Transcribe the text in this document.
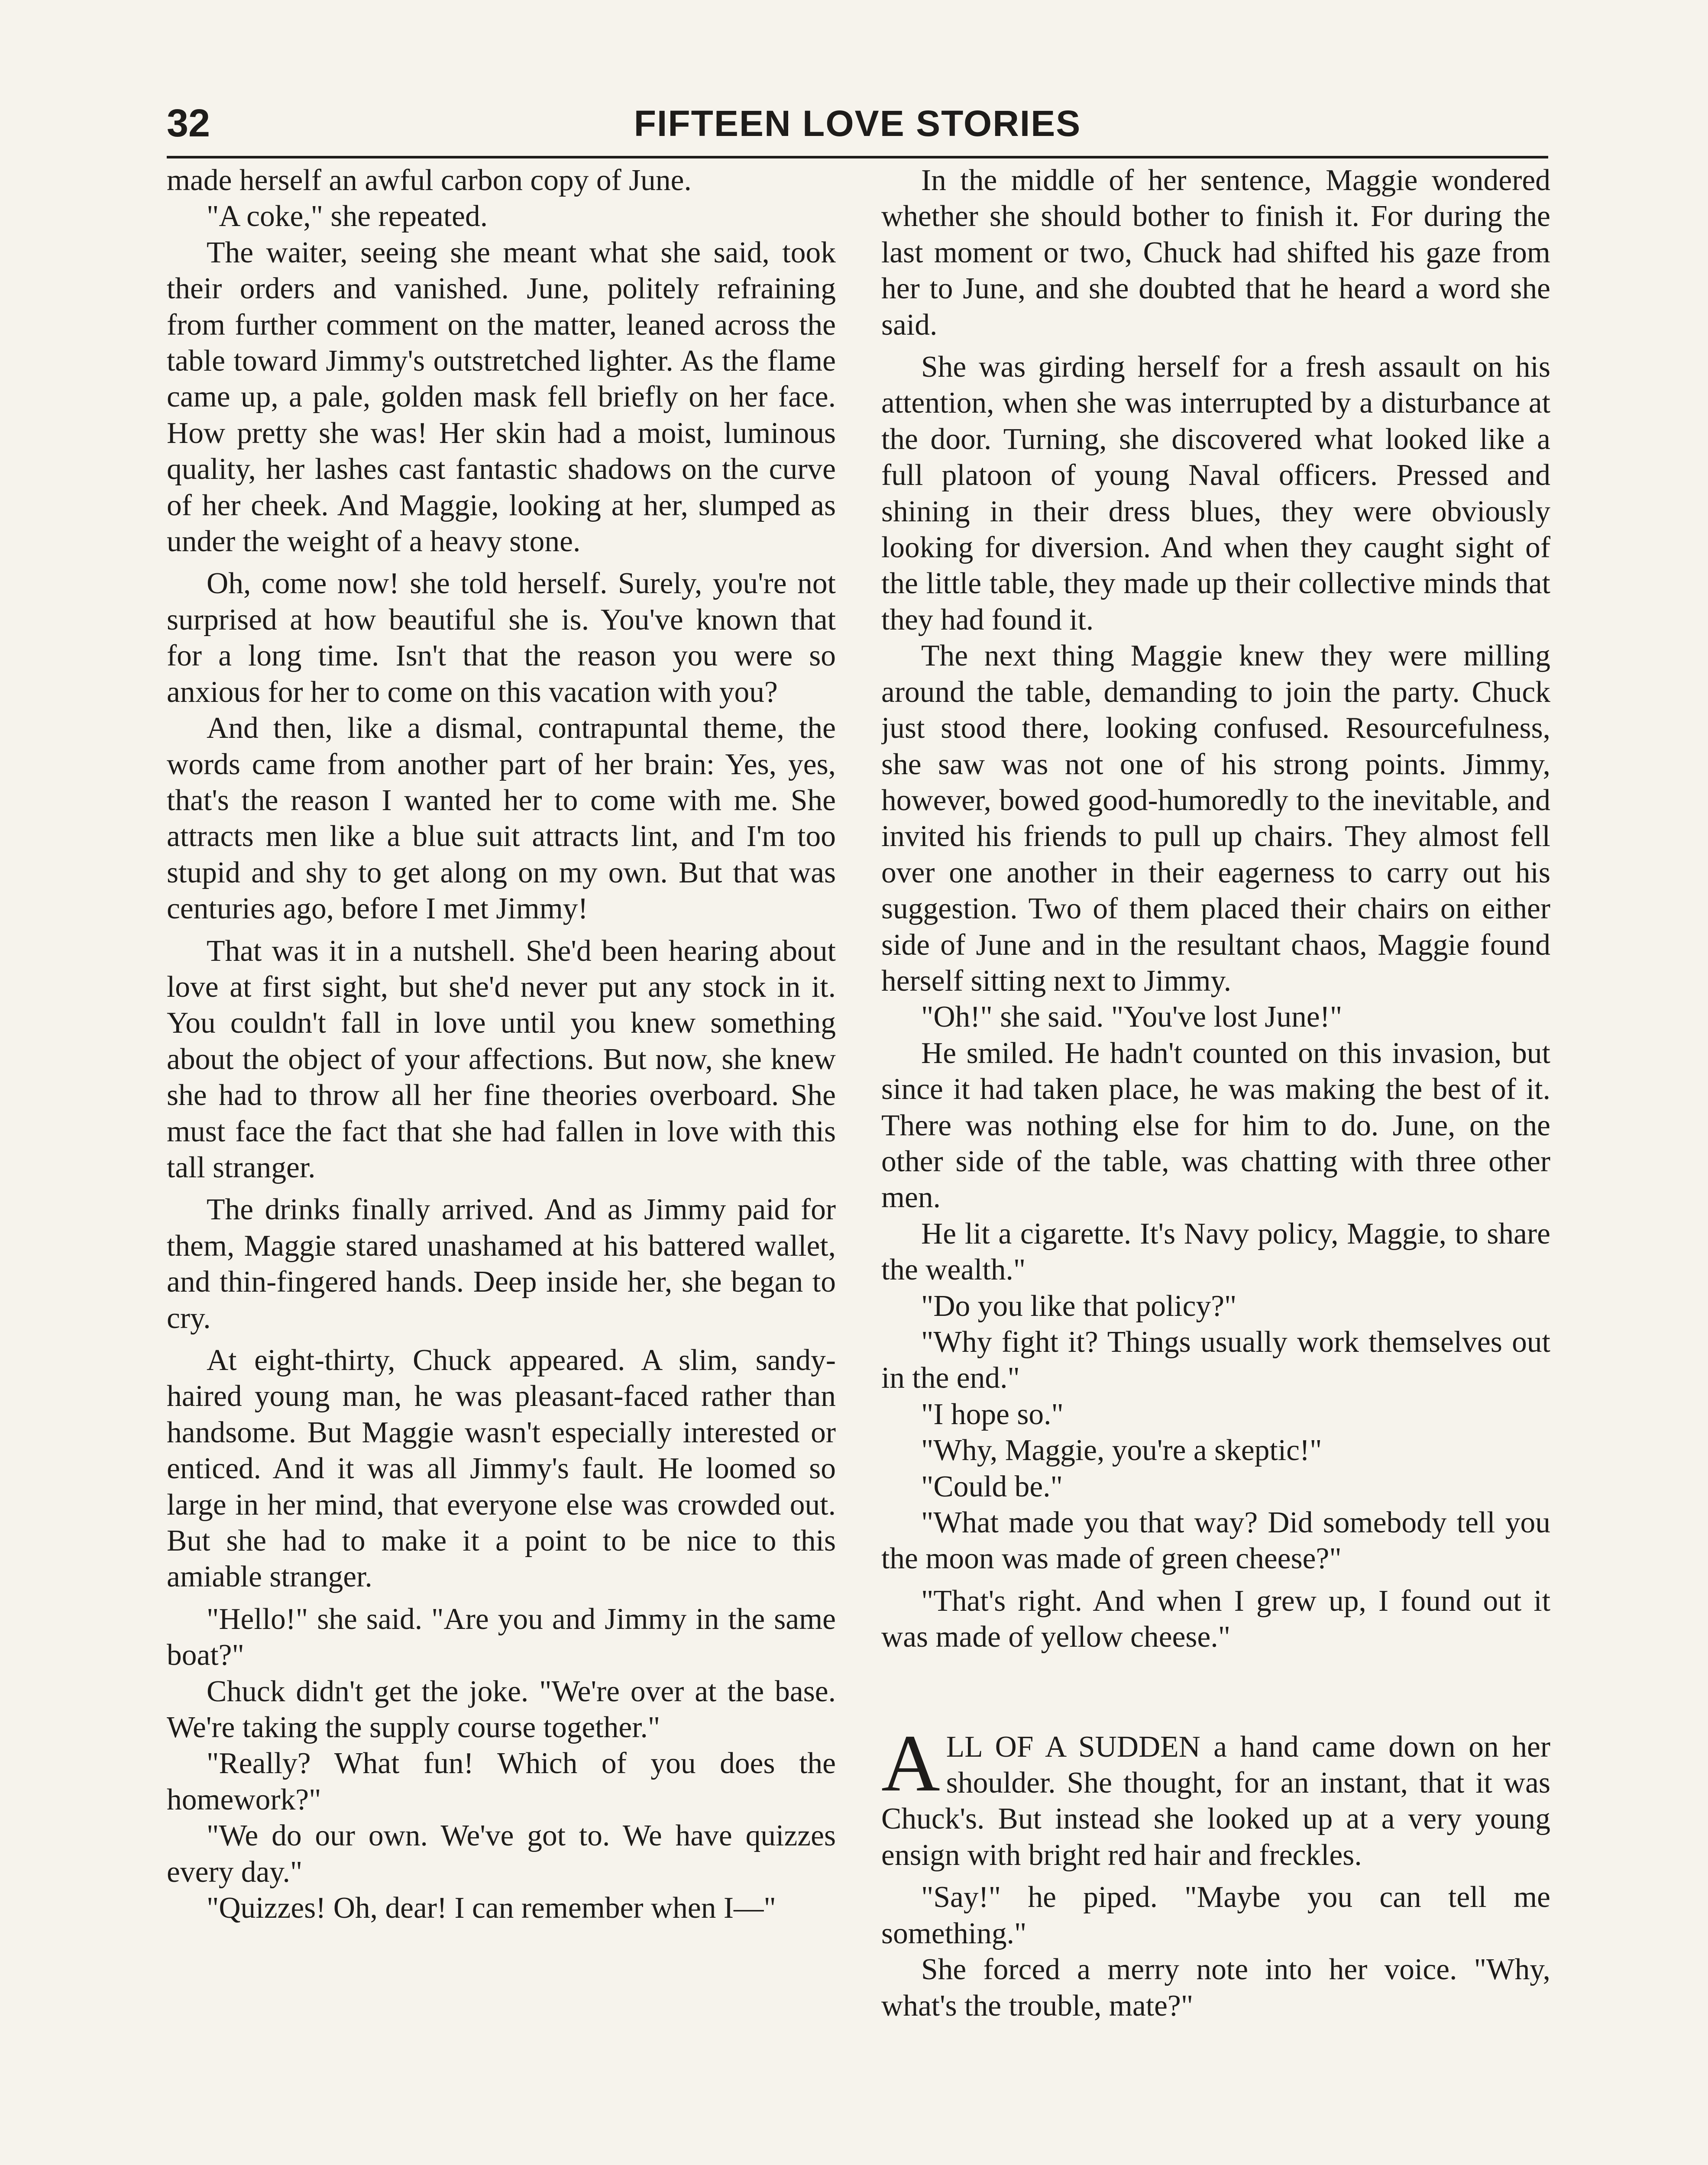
32	FIFTEEN LOVE STORIES

made herself an awful carbon copy of June.

"A coke," she repeated.

The waiter, seeing she meant what she said, took their orders and vanished. June, politely refraining from further comment on the matter, leaned across the table toward Jimmy's outstretched lighter. As the flame came up, a pale, golden mask fell briefly on her face. How pretty she was! Her skin had a moist, luminous quality, her lashes cast fantastic shadows on the curve of her cheek. And Maggie, looking at her, slumped as under the weight of a heavy stone.

Oh, come now! she told herself. Surely, you're not surprised at how beautiful she is. You've known that for a long time. Isn't that the reason you were so anxious for her to come on this vacation with you?

And then, like a dismal, contrapuntal theme, the words came from another part of her brain: Yes, yes, that's the reason I wanted her to come with me. She attracts men like a blue suit attracts lint, and I'm too stupid and shy to get along on my own. But that was centuries ago, before I met Jimmy!

That was it in a nutshell. She'd been hearing about love at first sight, but she'd never put any stock in it. You couldn't fall in love until you knew something about the object of your affections. But now, she knew she had to throw all her fine theories overboard. She must face the fact that she had fallen in love with this tall stranger.

The drinks finally arrived. And as Jimmy paid for them, Maggie stared unashamed at his battered wallet, and thin-fingered hands. Deep inside her, she began to cry.

At eight-thirty, Chuck appeared. A slim, sandy-haired young man, he was pleasant-faced rather than handsome. But Maggie wasn't especially interested or enticed. And it was all Jimmy's fault. He loomed so large in her mind, that everyone else was crowded out. But she had to make it a point to be nice to this amiable stranger.

"Hello!" she said. "Are you and Jimmy in the same boat?"

Chuck didn't get the joke. "We're over at the base. We're taking the supply course together."

"Really? What fun! Which of you does the homework?"

"We do our own. We've got to. We have quizzes every day."

"Quizzes! Oh, dear! I can remember when I—"

In the middle of her sentence, Maggie wondered whether she should bother to finish it. For during the last moment or two, Chuck had shifted his gaze from her to June, and she doubted that he heard a word she said.

She was girding herself for a fresh assault on his attention, when she was interrupted by a disturbance at the door. Turning, she discovered what looked like a full platoon of young Naval officers. Pressed and shining in their dress blues, they were obviously looking for diversion. And when they caught sight of the little table, they made up their collective minds that they had found it.

The next thing Maggie knew they were milling around the table, demanding to join the party. Chuck just stood there, looking confused. Resourcefulness, she saw was not one of his strong points. Jimmy, however, bowed good-humoredly to the inevitable, and invited his friends to pull up chairs. They almost fell over one another in their eagerness to carry out his suggestion. Two of them placed their chairs on either side of June and in the resultant chaos, Maggie found herself sitting next to Jimmy.

"Oh!" she said. "You've lost June!"

He smiled. He hadn't counted on this invasion, but since it had taken place, he was making the best of it. There was nothing else for him to do. June, on the other side of the table, was chatting with three other men.

He lit a cigarette. It's Navy policy, Maggie, to share the wealth."

"Do you like that policy?"

"Why fight it? Things usually work themselves out in the end."

"I hope so."

"Why, Maggie, you're a skeptic!"

"Could be."

"What made you that way? Did somebody tell you the moon was made of green cheese?"

"That's right. And when I grew up, I found out it was made of yellow cheese."

ALL OF A SUDDEN a hand came down on her shoulder. She thought, for an instant, that it was Chuck's. But instead she looked up at a very young ensign with bright red hair and freckles.

"Say!" he piped. "Maybe you can tell me something."

She forced a merry note into her voice. "Why, what's the trouble, mate?"
